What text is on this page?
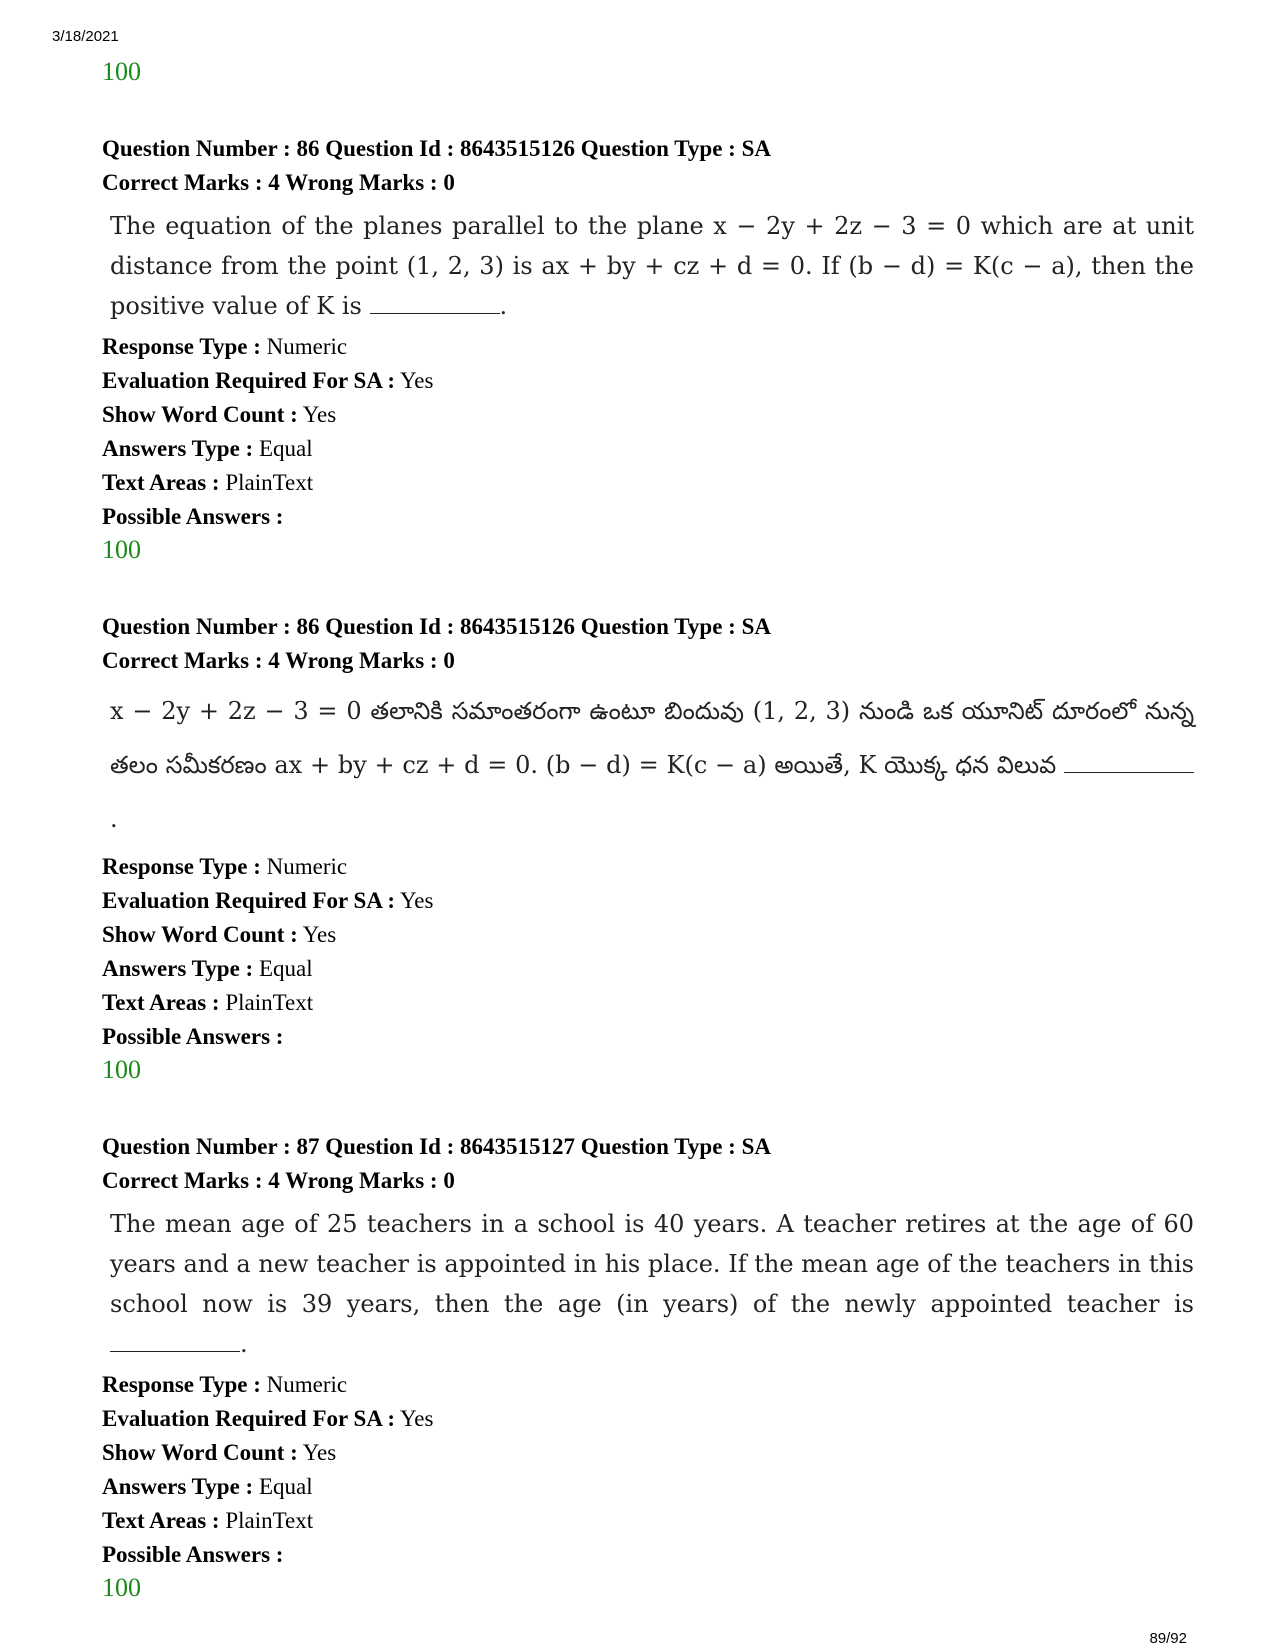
3/18/2021
100
Question Number : 86 Question Id : 8643515126 Question Type : SA
Correct Marks : 4 Wrong Marks : 0
The equation of the planes parallel to the plane x − 2y + 2z − 3 = 0 which are at unit distance from the point (1, 2, 3) is ax + by + cz + d = 0. If (b − d) = K(c − a), then the positive value of K is	.
Response Type : Numeric
Evaluation Required For SA : Yes
Show Word Count : Yes
Answers Type : Equal
Text Areas : PlainText
Possible Answers :
100
Question Number : 86 Question Id : 8643515126 Question Type : SA
Correct Marks : 4 Wrong Marks : 0
x − 2y + 2z − 3 = 0 తలానికి సమాంతరంగా ఉంటూ బిందువు (1, 2, 3) నుండి ఒక యూనిట్ దూరంలో నున్న తలం సమీకరణం ax + by + cz + d = 0. (b − d) = K(c − a) అయితే, K యొక్క ధన విలువ .
Response Type : Numeric
Evaluation Required For SA : Yes
Show Word Count : Yes
Answers Type : Equal
Text Areas : PlainText
Possible Answers :
100
Question Number : 87 Question Id : 8643515127 Question Type : SA
Correct Marks : 4 Wrong Marks : 0
The mean age of 25 teachers in a school is 40 years. A teacher retires at the age of 60 years and a new teacher is appointed in his place. If the mean age of the teachers in this school now is 39 years, then the age (in years) of the newly appointed teacher is .
Response Type : Numeric
Evaluation Required For SA : Yes
Show Word Count : Yes
Answers Type : Equal
Text Areas : PlainText
Possible Answers :
100
89/92
